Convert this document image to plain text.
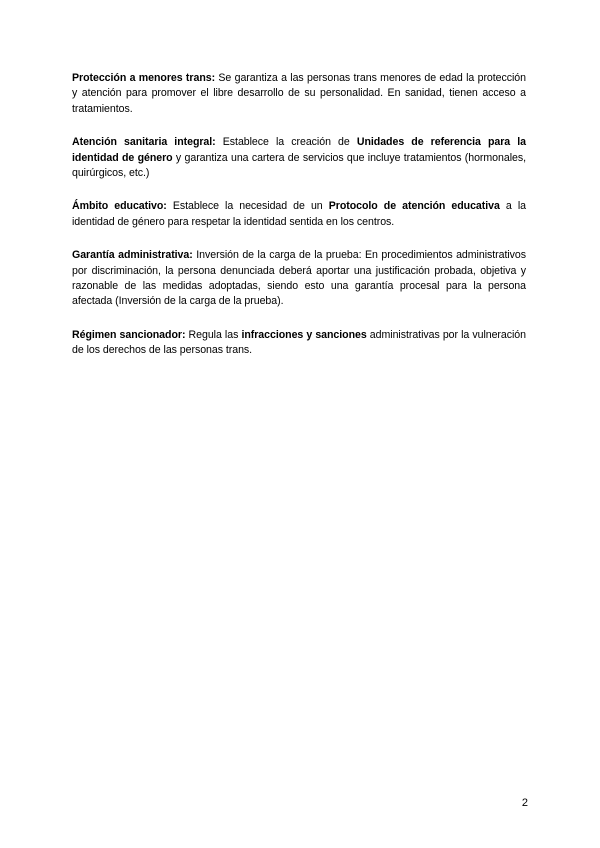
Protección a menores trans: Se garantiza a las personas trans menores de edad la protección y atención para promover el libre desarrollo de su personalidad. En sanidad, tienen acceso a tratamientos.

Atención sanitaria integral: Establece la creación de Unidades de referencia para la identidad de género y garantiza una cartera de servicios que incluye tratamientos (hormonales, quirúrgicos, etc.)

Ámbito educativo: Establece la necesidad de un Protocolo de atención educativa a la identidad de género para respetar la identidad sentida en los centros.

Garantía administrativa: Inversión de la carga de la prueba: En procedimientos administrativos por discriminación, la persona denunciada deberá aportar una justificación probada, objetiva y razonable de las medidas adoptadas, siendo esto una garantía procesal para la persona afectada (Inversión de la carga de la prueba).

Régimen sancionador: Regula las infracciones y sanciones administrativas por la vulneración de los derechos de las personas trans.

2
